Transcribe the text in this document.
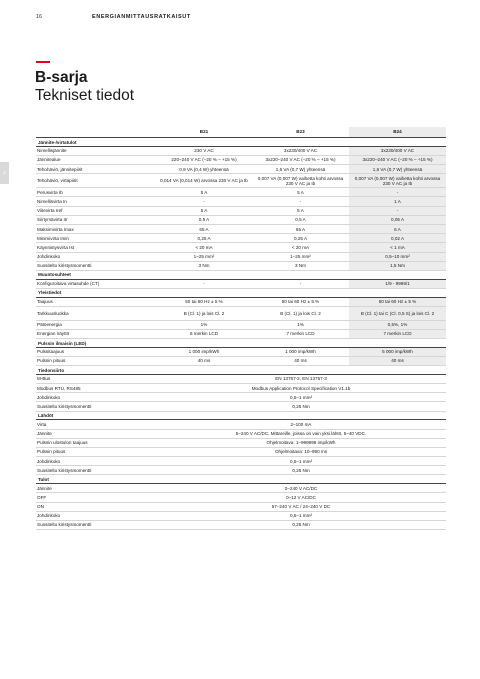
16	ENERGIANMITTAUSRATKAISUT
B-sarja
Tekniset tiedot
FI
	B21	B23	B24
Jännite-/virtatulot			
Nimellisjännite	230 V AC	3x230/400 V AC	3x230/400 V AC
Jännitealue	220–240 V AC (–20 % – +15 %)	3x220–240 V AC (–20 % – +15 %)	3x220–240 V AC (–20 % – +15 %)
Tehohäviö, jännitepiirit	0,9 VA (0,4 W) yhteensä	1,6 VA (0,7 W) yhteensä	1,6 VA (0,7 W) yhteensä
Tehohäviö, virtapiirit	0,014 VA (0,014 W) arvossa 230 V AC ja Ib	0,007 VA (0,007 W) vaihetta kohti arvossa 230 V AC ja Ib	0,007 VA (0,007 W) vaihetta kohti arvossa 230 V AC ja Ib
Perusvirta Ib	5 A	5 A	-
Nimellisvirta In	-	-	1 A
Viitevirta Iref	5 A	5 A	-
Siirtymävirta Itr	0,5 A	0,5 A	0,05 A
Maksimivirta Imax	65 A	65 A	6 A
Minimivirta Imin	0,25 A	0,25 A	0,02 A
Käynnistysvirta Ist	< 20 mA	< 20 mA	< 1 mA
Johdinkoko	1–25 mm²	1–25 mm²	0,5–10 mm²
Suositeltu kiristysmomentti	3 Nm	3 Nm	1,5 Nm
Muuntosuhteet			
Konfiguroitava virtasuhde (CT)	-	-	1/9 - 9999/1
Yleistiedot			
Taajuus	50 tai 60 Hz ± 5 %	50 tai 60 Hz ± 5 %	50 tai 60 Hz ± 5 %
Tarkkuusluokka	B (Cl. 1) ja lois Cl. 2	B (Cl. 1) ja lois Cl. 2	B (Cl. 1) tai C (Cl. 0,5 S) ja lois Cl. 2
Pätöenergia	1%	1%	0,5%, 1%
Energian näyttö	6 merkin LCD	7 merkin LCD	7 merkin LCD
Pulssin ilmaisin (LED)			
Pulssitaajuus	1 000 imp/kWh	1 000 imp/kWh	5 000 imp/kWh
Pulssin pituus	40 ms	40 ms	40 ms
Tiedonsiirto			
M-Bus	EN 13757-2, EN 13757-3		
Modbus RTU, RS485	Modbus Application Protocol Specification V1.1b		
Johdinkoko	0,5–1 mm²		
Suositeltu kiristysmomentti	0,25 Nm		
Lähdöt			
Virta	2–100 mA		
Jännite	5–240 V AC/DC. Mittareille, joissa on vain yksi lähtö, 5–40 VDC.		
Pulssin ulostulon taajuus	Ohjelmoitava: 1–999999 imp/kWh		
Pulssin pituus	Ohjelmoitava: 10–990 ms		
Johdinkoko	0,5–1 mm²		
Suositeltu kiristysmomentti	0,25 Nm		
Tulot			
Jännite	0–240 V AC/DC		
OFF	0–12 V AC/DC		
ON	57–240 V AC / 24–240 V DC		
Johdinkoko	0,5–1 mm²		
Suositeltu kiristysmomentti	0,25 Nm		
